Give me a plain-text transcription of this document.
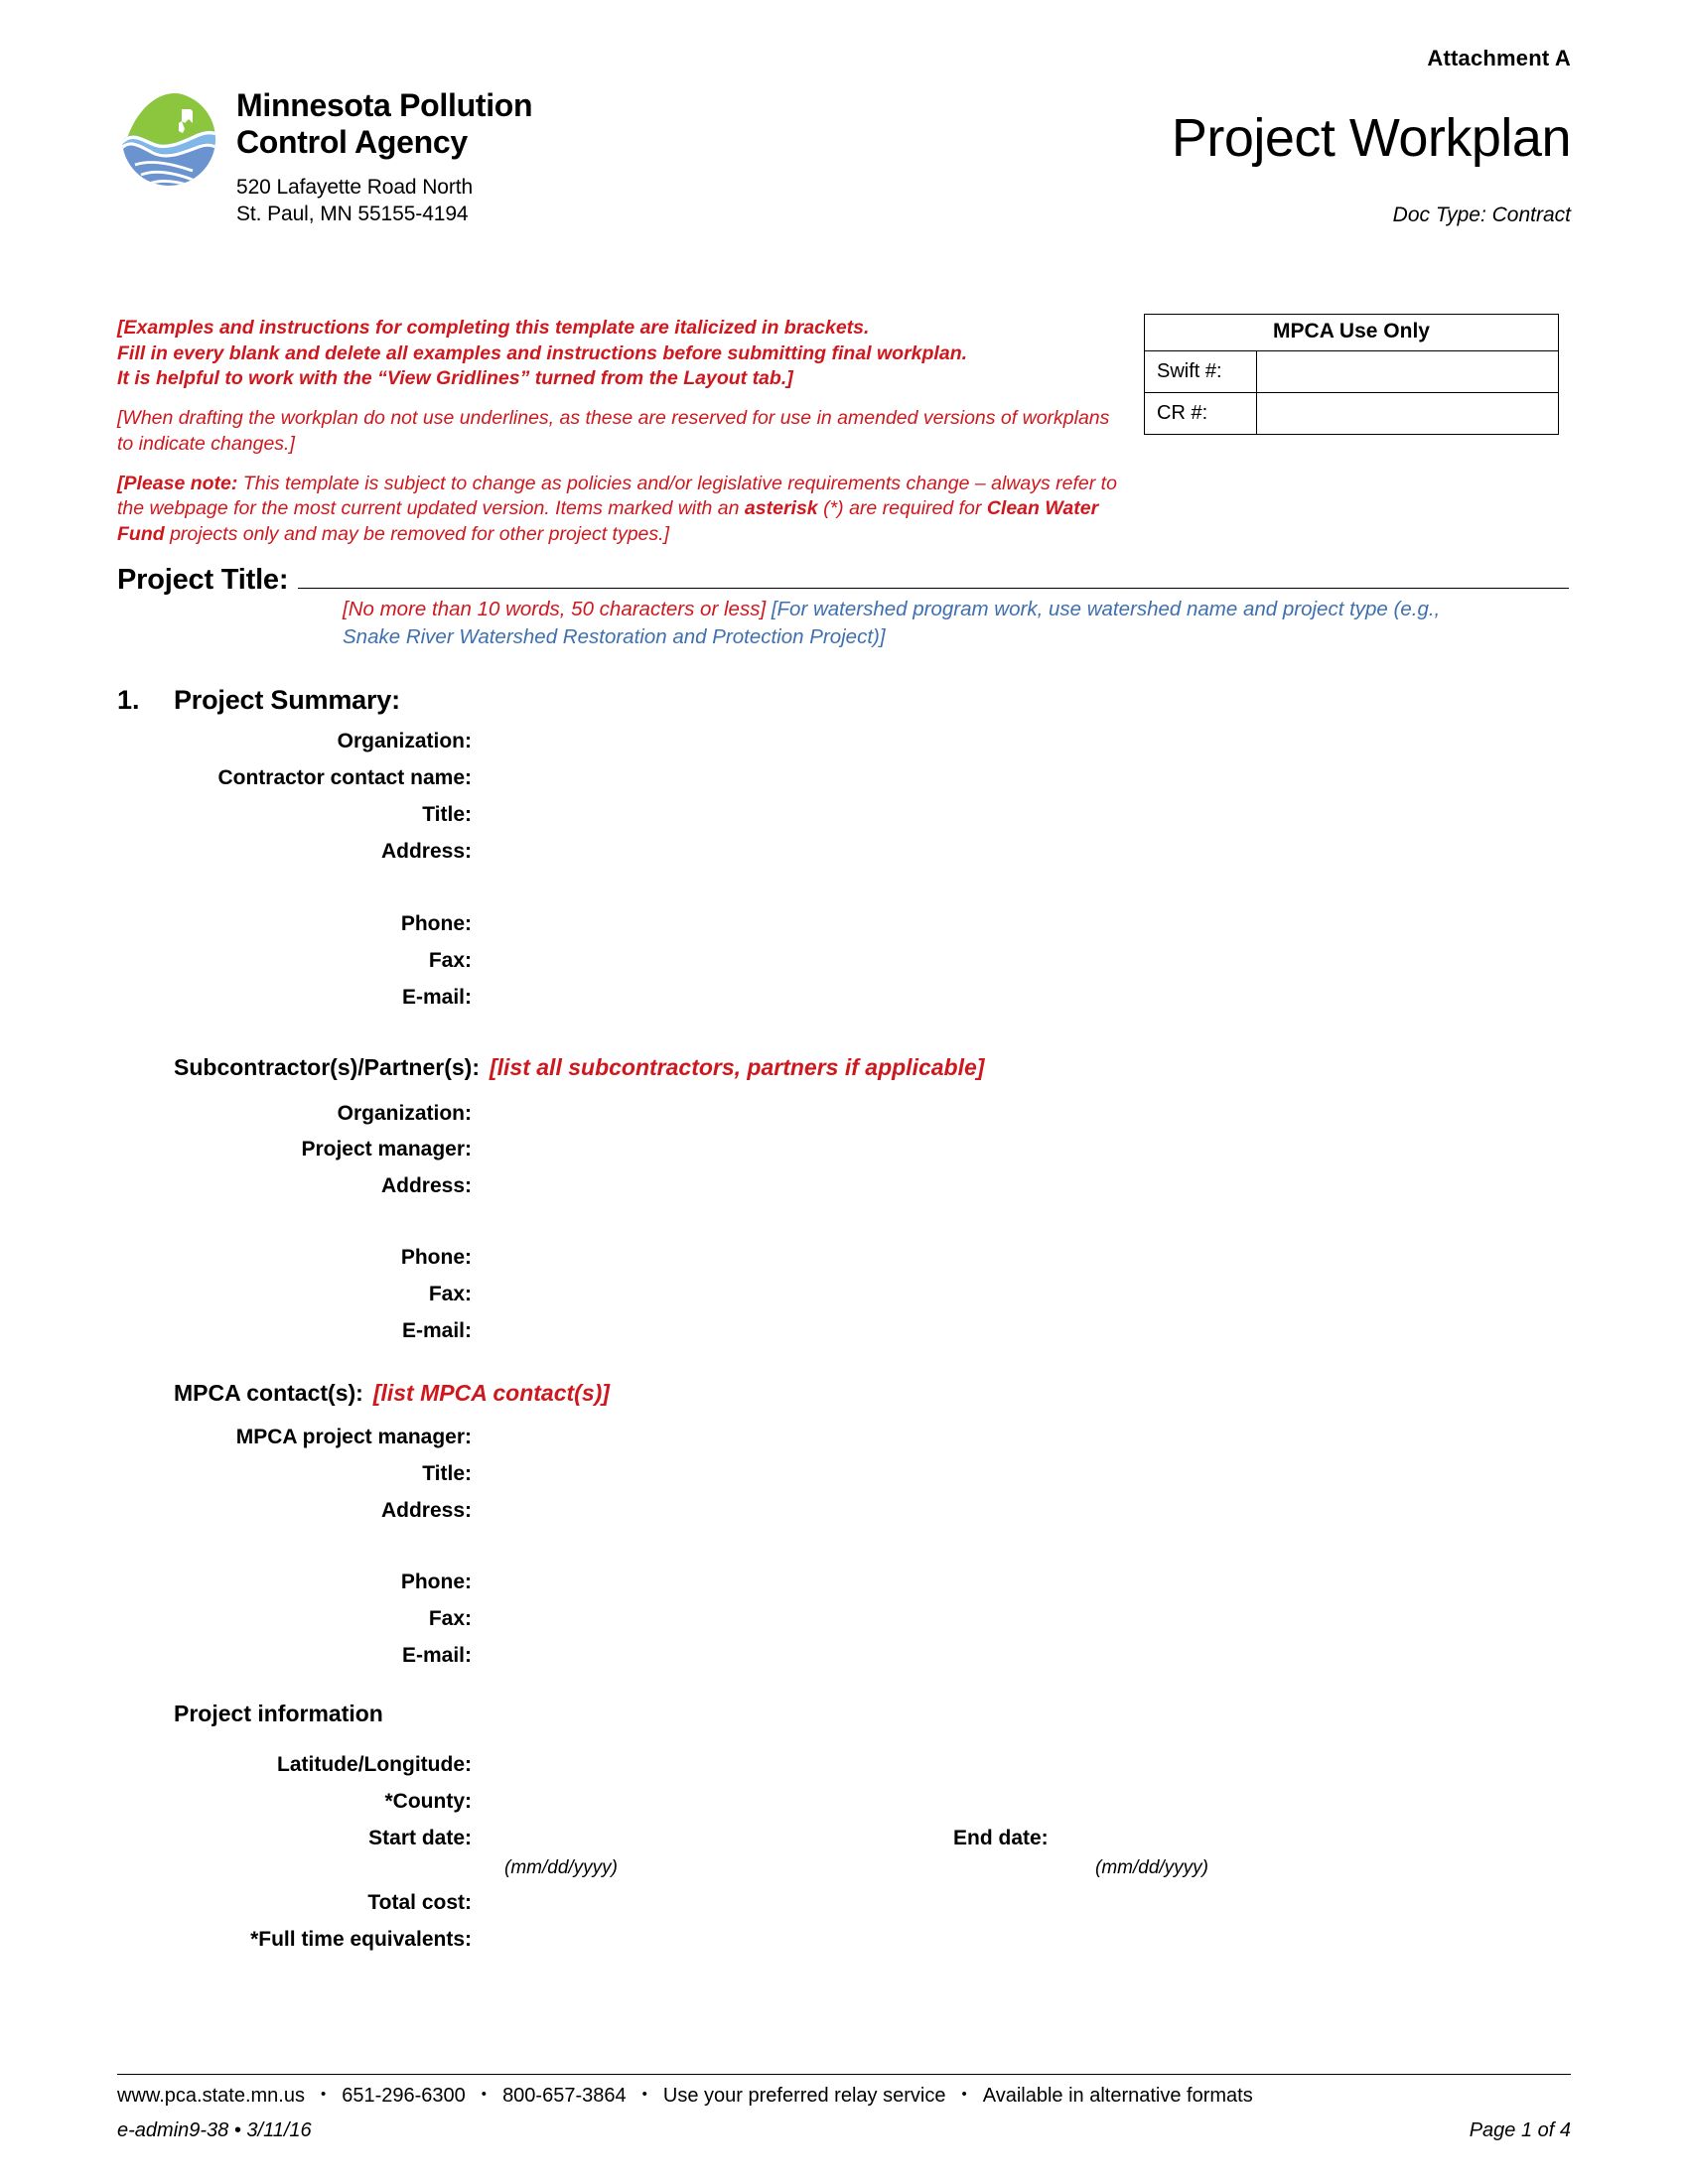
Attachment A
Minnesota Pollution
Control Agency
520 Lafayette Road North
St. Paul, MN 55155-4194
Project Workplan
Doc Type: Contract

[Examples and instructions for completing this template are italicized in brackets.
Fill in every blank and delete all examples and instructions before submitting final workplan.
It is helpful to work with the “View Gridlines” turned from the Layout tab.]

[When drafting the workplan do not use underlines, as these are reserved for use in amended versions of workplans to indicate changes.]

[Please note: This template is subject to change as policies and/or legislative requirements change – always refer to the webpage for the most current updated version. Items marked with an asterisk (*) are required for Clean Water Fund projects only and may be removed for other project types.]

MPCA Use Only	
Swift #:	
CR #:	
Project Title:
[No more than 10 words, 50 characters or less] [For watershed program work, use watershed name and project type (e.g., Snake River Watershed Restoration and Protection Project)]
1. Project Summary:
Organization:
Contractor contact name:
Title:
Address:
Phone:
Fax:
E-mail:
Subcontractor(s)/Partner(s): [list all subcontractors, partners if applicable]
Organization:
Project manager:
Address:
Phone:
Fax:
E-mail:
MPCA contact(s): [list MPCA contact(s)]
MPCA project manager:
Title:
Address:
Phone:
Fax:
E-mail:
Project information
Latitude/Longitude:
*County:
Start date:	End date:
(mm/dd/yyyy)	(mm/dd/yyyy)
Total cost:
*Full time equivalents:
www.pca.state.mn.us • 651-296-6300 • 800-657-3864 • Use your preferred relay service • Available in alternative formats
e-admin9-38 • 3/11/16	Page 1 of 4
